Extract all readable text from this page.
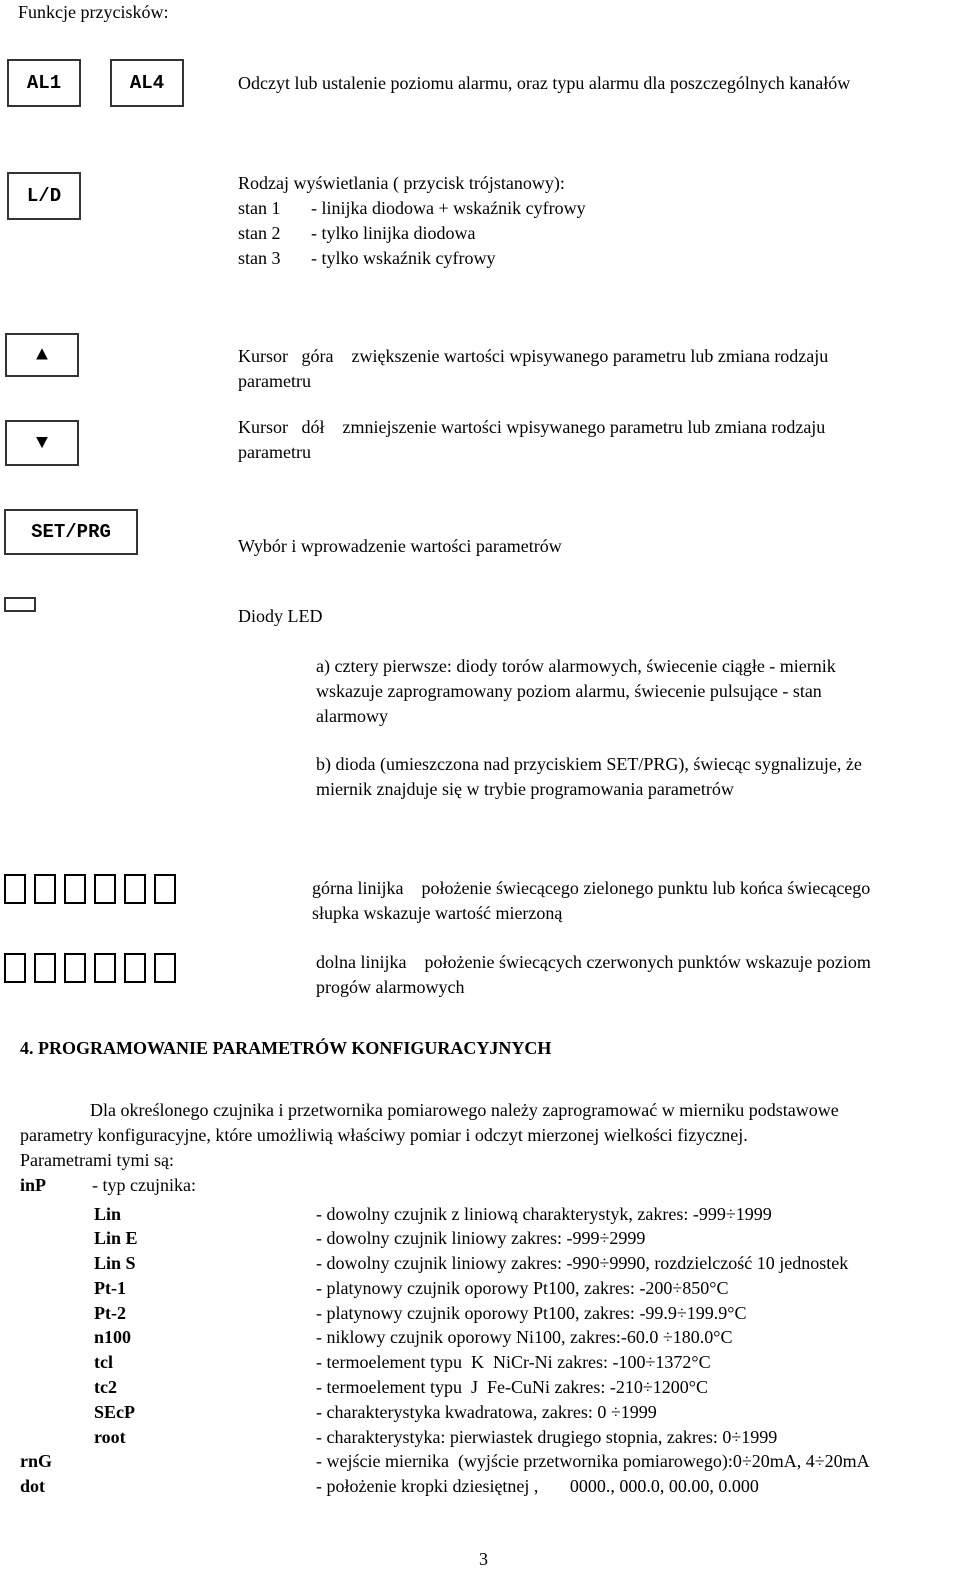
Funkcje przycisków:
AL1	AL4	Odczyt lub ustalenie poziomu alarmu, oraz typu alarmu dla poszczególnych kanałów
L/D
Rodzaj wyświetlania ( przycisk trójstanowy):
stan 1 - linijka diodowa + wskaźnik cyfrowy
stan 2 - tylko linijka diodowa
stan 3 - tylko wskaźnik cyfrowy
▲	Kursor   góra    zwiększenie wartości wpisywanego parametru lub zmiana rodzaju
parametru
▼
Kursor   dół    zmniejszenie wartości wpisywanego parametru lub zmiana rodzaju
parametru
SET/PRG
Wybór i wprowadzenie wartości parametrów
Diody LED
a) cztery pierwsze: diody torów alarmowych, świecenie ciągłe - miernik
wskazuje zaprogramowany poziom alarmu, świecenie pulsujące - stan
alarmowy
b) dioda (umieszczona nad przyciskiem SET/PRG), świecąc sygnalizuje, że
miernik znajduje się w trybie programowania parametrów
górna linijka    położenie świecącego zielonego punktu lub końca świecącego
słupka wskazuje wartość mierzoną
dolna linijka    położenie świecących czerwonych punktów wskazuje poziom
progów alarmowych
4. PROGRAMOWANIE PARAMETRÓW KONFIGURACYJNYCH
Dla określonego czujnika i przetwornika pomiarowego należy zaprogramować w mierniku podstawowe
parametry konfiguracyjne, które umożliwią właściwy pomiar i odczyt mierzonej wielkości fizycznej.
Parametrami tymi są:
inP	- typ czujnika:
Lin	- dowolny czujnik z liniową charakterystyk, zakres: -999÷1999
Lin E	- dowolny czujnik liniowy zakres: -999÷2999
Lin S	- dowolny czujnik liniowy zakres: -990÷9990, rozdzielczość 10 jednostek
Pt-1	- platynowy czujnik oporowy Pt100, zakres: -200÷850°C
Pt-2	- platynowy czujnik oporowy Pt100, zakres: -99.9÷199.9°C
n100	- niklowy czujnik oporowy Ni100, zakres:-60.0 ÷180.0°C
tcl	- termoelement typu  K  NiCr-Ni zakres: -100÷1372°C
tc2	- termoelement typu  J  Fe-CuNi zakres: -210÷1200°C
SEcP	- charakterystyka kwadratowa, zakres: 0 ÷1999
root	- charakterystyka: pierwiastek drugiego stopnia, zakres: 0÷1999
rnG	- wejście miernika  (wyjście przetwornika pomiarowego):0÷20mA, 4÷20mA
dot	- położenie kropki dziesiętnej ,       0000., 000.0, 00.00, 0.000
3
